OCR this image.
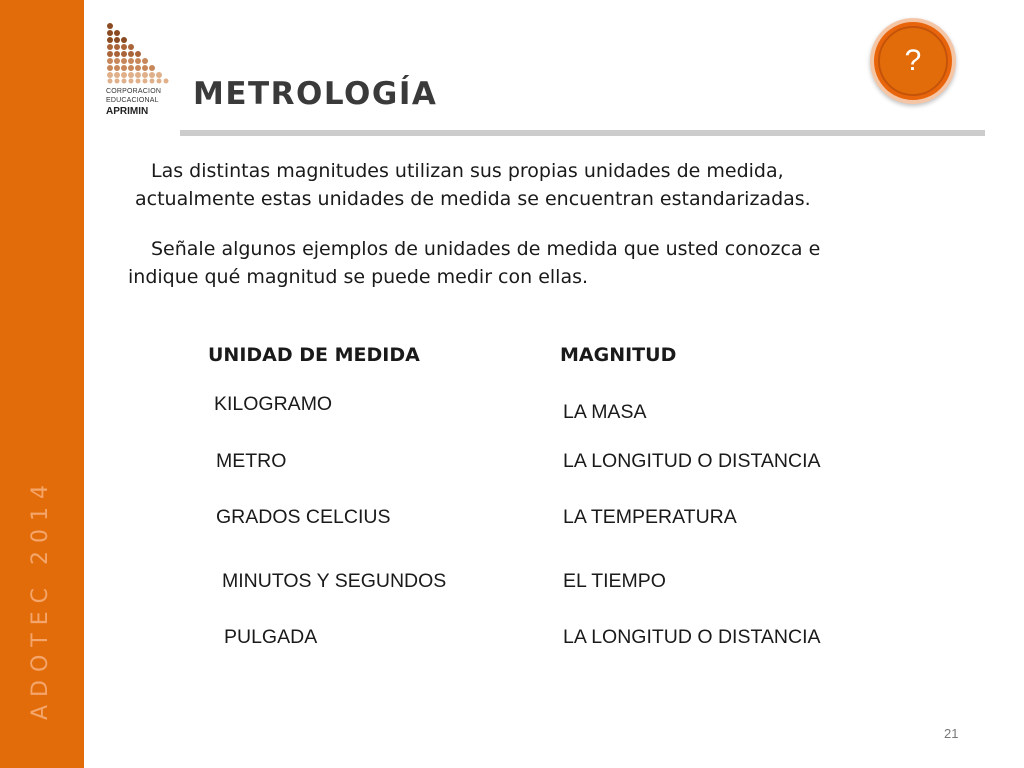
ADOTEC 2014
CORPORACION
EDUCACIONAL
APRIMIN METROLOGÍA
?
Las distintas magnitudes utilizan sus propias unidades de medida,
actualmente estas unidades de medida se encuentran estandarizadas.
Señale algunos ejemplos de unidades de medida que usted conozca e
indique qué magnitud se puede medir con ellas.
UNIDAD DE MEDIDA	MAGNITUD
KILOGRAMO	LA MASA
METRO	LA LONGITUD O DISTANCIA
GRADOS CELCIUS	LA TEMPERATURA
MINUTOS Y SEGUNDOS	EL TIEMPO
PULGADA	LA LONGITUD O DISTANCIA
21
